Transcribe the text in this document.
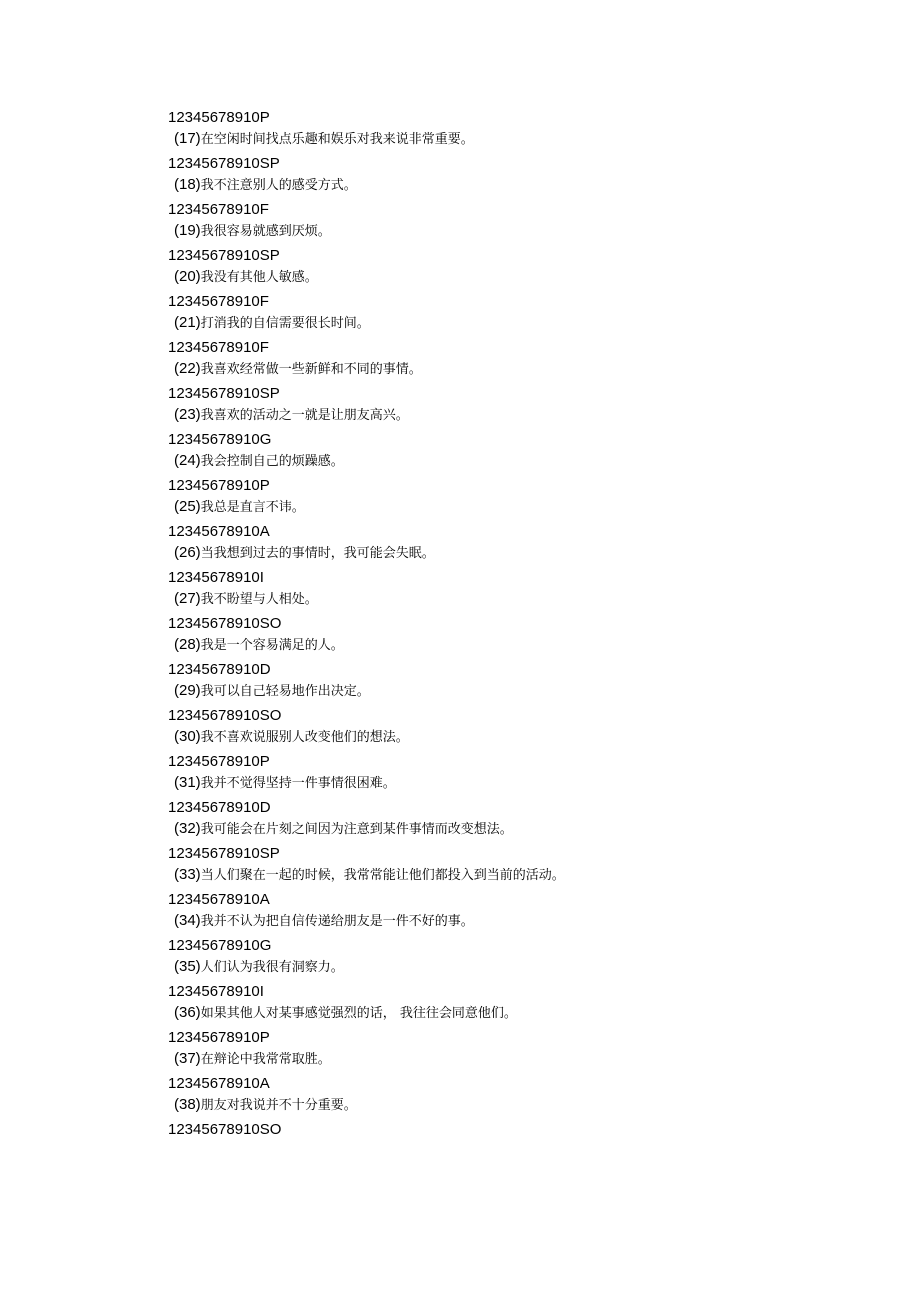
12345678910P
(17)在空闲时间找点乐趣和娱乐对我来说非常重要。
12345678910SP
(18)我不注意别人的感受方式。
12345678910F
(19)我很容易就感到厌烦。
12345678910SP
(20)我没有其他人敏感。
12345678910F
(21)打消我的自信需要很长时间。
12345678910F
(22)我喜欢经常做一些新鲜和不同的事情。
12345678910SP
(23)我喜欢的活动之一就是让朋友高兴。
12345678910G
(24)我会控制自己的烦躁感。
12345678910P
(25)我总是直言不讳。
12345678910A
(26)当我想到过去的事情时，我可能会失眠。
12345678910I
(27)我不盼望与人相处。
12345678910SO
(28)我是一个容易满足的人。
12345678910D
(29)我可以自己轻易地作出决定。
12345678910SO
(30)我不喜欢说服别人改变他们的想法。
12345678910P
(31)我并不觉得坚持一件事情很困难。
12345678910D
(32)我可能会在片刻之间因为注意到某件事情而改变想法。
12345678910SP
(33)当人们聚在一起的时候，我常常能让他们都投入到当前的活动。
12345678910A
(34)我并不认为把自信传递给朋友是一件不好的事。
12345678910G
(35)人们认为我很有洞察力。
12345678910I
(36)如果其他人对某事感觉强烈的话， 我往往会同意他们。
12345678910P
(37)在辩论中我常常取胜。
12345678910A
(38)朋友对我说并不十分重要。
12345678910SO
